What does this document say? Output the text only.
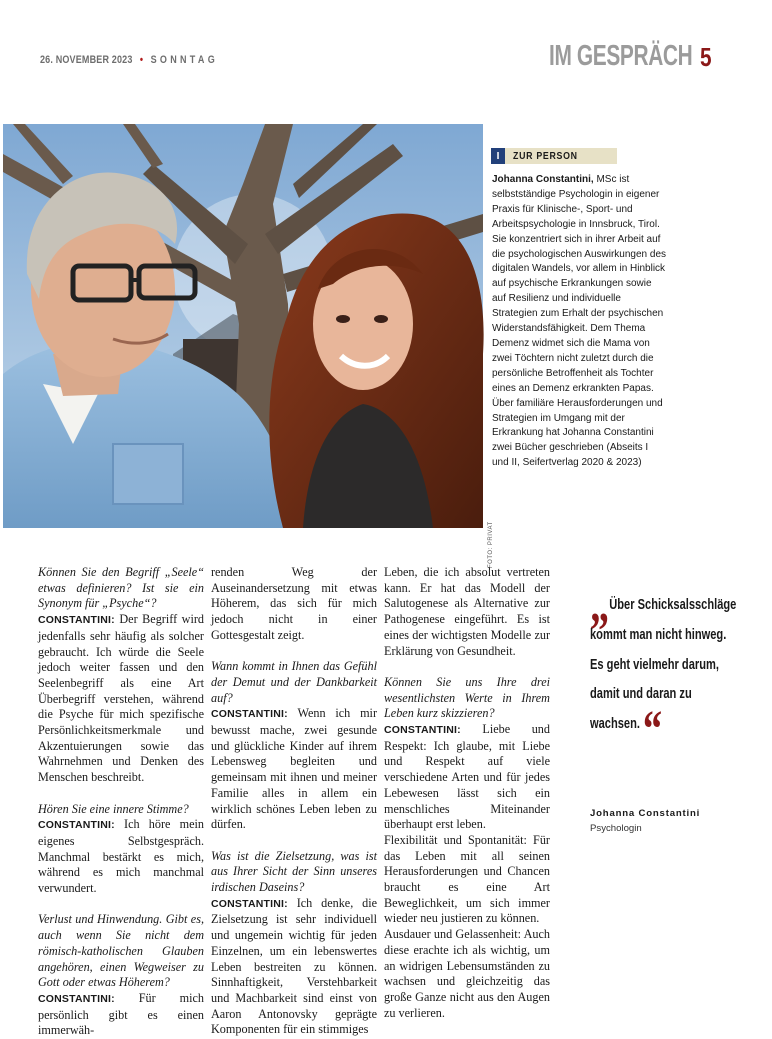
26. NOVEMBER 2023 • SONNTAG	IM GESPRÄCH 5
FOTO: PRIVAT
I	ZUR PERSON
Johanna Constantini, MSc ist selbstständige Psychologin in eigener Praxis für Klinische-, Sport- und Arbeitspsychologie in Innsbruck, Tirol. Sie konzentriert sich in ihrer Arbeit auf die psychologischen Auswirkungen des digitalen Wandels, vor allem in Hinblick auf psychische Erkrankungen sowie auf Resilienz und individuelle Strategien zum Erhalt der psychischen Widerstandsfähigkeit. Dem Thema Demenz widmet sich die Mama von zwei Töchtern nicht zuletzt durch die persönliche Betroffenheit als Tochter eines an Demenz erkrankten Papas. Über familiäre Herausforderungen und Strategien im Umgang mit der Erkrankung hat Johanna Constantini zwei Bücher geschrieben (Abseits I und II, Seifertverlag 2020 & 2023)

Können Sie den Begriff „Seele“ etwas definieren? Ist sie ein Synonym für „Psyche“?

CONSTANTINI: Der Begriff wird jedenfalls sehr häufig als solcher gebraucht. Ich würde die Seele jedoch weiter fassen und den Seelenbegriff als eine Art Überbegriff verstehen, während die Psyche für mich spezifische Persönlichkeitsmerkmale und Akzentuierungen sowie das Wahrnehmen und Denken des Menschen beschreibt.

Hören Sie eine innere Stimme?

CONSTANTINI: Ich höre mein eigenes Selbstgespräch. Manchmal bestärkt es mich, während es mich manchmal verwundert.

Verlust und Hinwendung. Gibt es, auch wenn Sie nicht dem römisch-katholischen Glauben angehören, einen Wegweiser zu Gott oder etwas Höherem?

CONSTANTINI: Für mich persönlich gibt es einen immerwäh-

renden Weg der Auseinandersetzung mit etwas Höherem, das sich für mich jedoch nicht in einer Gottesgestalt zeigt.

Wann kommt in Ihnen das Gefühl der Demut und der Dankbarkeit auf?

CONSTANTINI: Wenn ich mir bewusst mache, zwei gesunde und glückliche Kinder auf ihrem Lebensweg begleiten und gemeinsam mit ihnen und meiner Familie alles in allem ein wirklich schönes Leben leben zu dürfen.

Was ist die Zielsetzung, was ist aus Ihrer Sicht der Sinn unseres irdischen Daseins?

CONSTANTINI: Ich denke, die Zielsetzung ist sehr individuell und ungemein wichtig für jeden Einzelnen, um ein lebenswertes Leben bestreiten zu können. Sinnhaftigkeit, Verstehbarkeit und Machbarkeit sind einst von Aaron Antonovsky geprägte Komponenten für ein stimmiges

Leben, die ich absolut vertreten kann. Er hat das Modell der Salutogenese als Alternative zur Pathogenese eingeführt. Es ist eines der wichtigsten Modelle zur Erklärung von Gesundheit.

Können Sie uns Ihre drei wesentlichsten Werte in Ihrem Leben kurz skizzieren?

CONSTANTINI: Liebe und Respekt: Ich glaube, mit Liebe und Respekt auf viele verschiedene Arten und für jedes Lebewesen lässt sich ein menschliches Miteinander überhaupt erst leben.

Flexibilität und Spontanität: Für das Leben mit all seinen Herausforderungen und Chancen braucht es eine Art Beweglichkeit, um sich immer wieder neu justieren zu können.

Ausdauer und Gelassenheit: Auch diese erachte ich als wichtig, um an widrigen Lebensumständen zu wachsen und gleichzeitig das große Ganze nicht aus den Augen zu verlieren.

„ Über Schicksalsschläge kommt man nicht hinweg. Es geht vielmehr darum, damit und daran zu wachsen.“
Johanna Constantini
Psychologin
